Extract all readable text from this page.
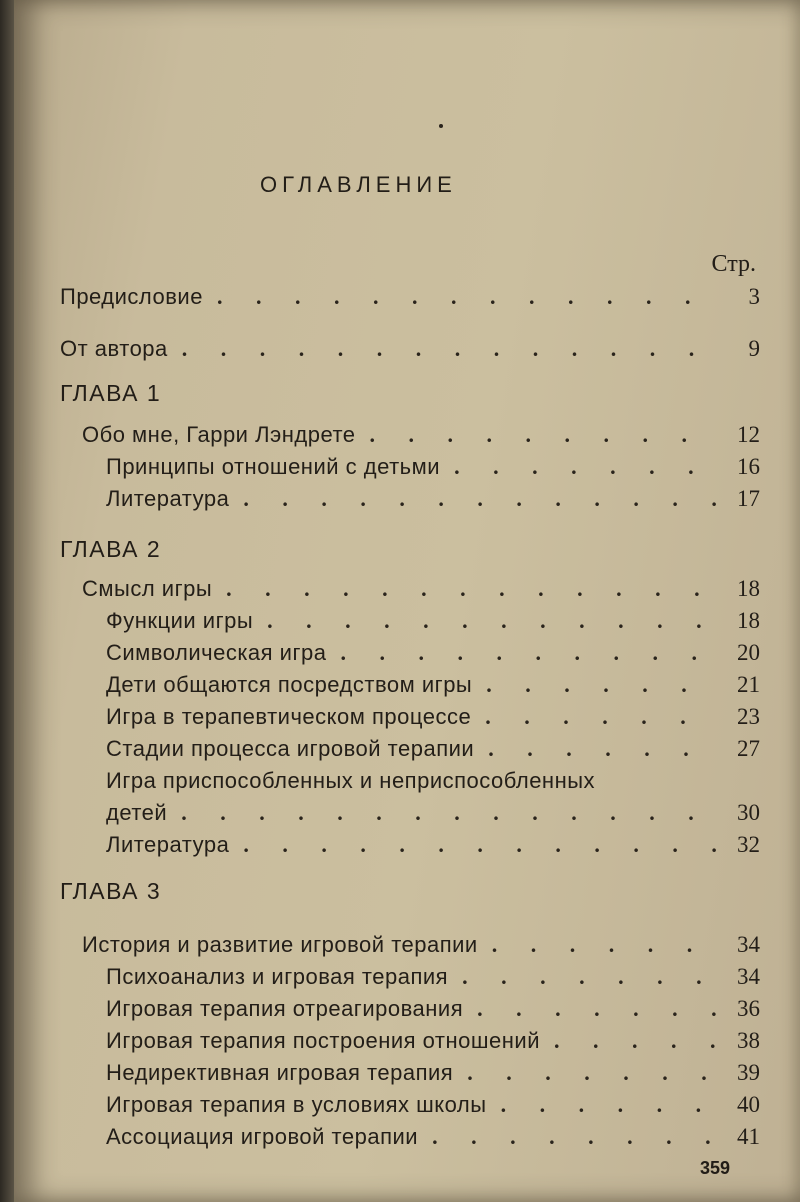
ОГЛАВЛЕНИЕ
Стр.
Предисловие . . .	3
От автора . . .	9
ГЛАВА 1
Обо мне, Гарри Лэндрете . . .	12
Принципы отношений с детьми . . .	16
Литература . . .	17
ГЛАВА 2
Смысл игры . . .	18
Функции игры . . .	18
Символическая игра . . .	20
Дети общаются посредством игры . . .	21
Игра в терапевтическом процессе . . .	23
Стадии процесса игровой терапии . . .	27
Игра приспособленных и неприспособленных
детей . . .	30
Литература . . .	32
ГЛАВА 3
История и развитие игровой терапии . . .	34
Психоанализ и игровая терапия . . .	34
Игровая терапия отреагирования . . .	36
Игровая терапия построения отношений . . .	38
Недирективная игровая терапия . . .	39
Игровая терапия в условиях школы . . .	40
Ассоциация игровой терапии . . .	41
359
